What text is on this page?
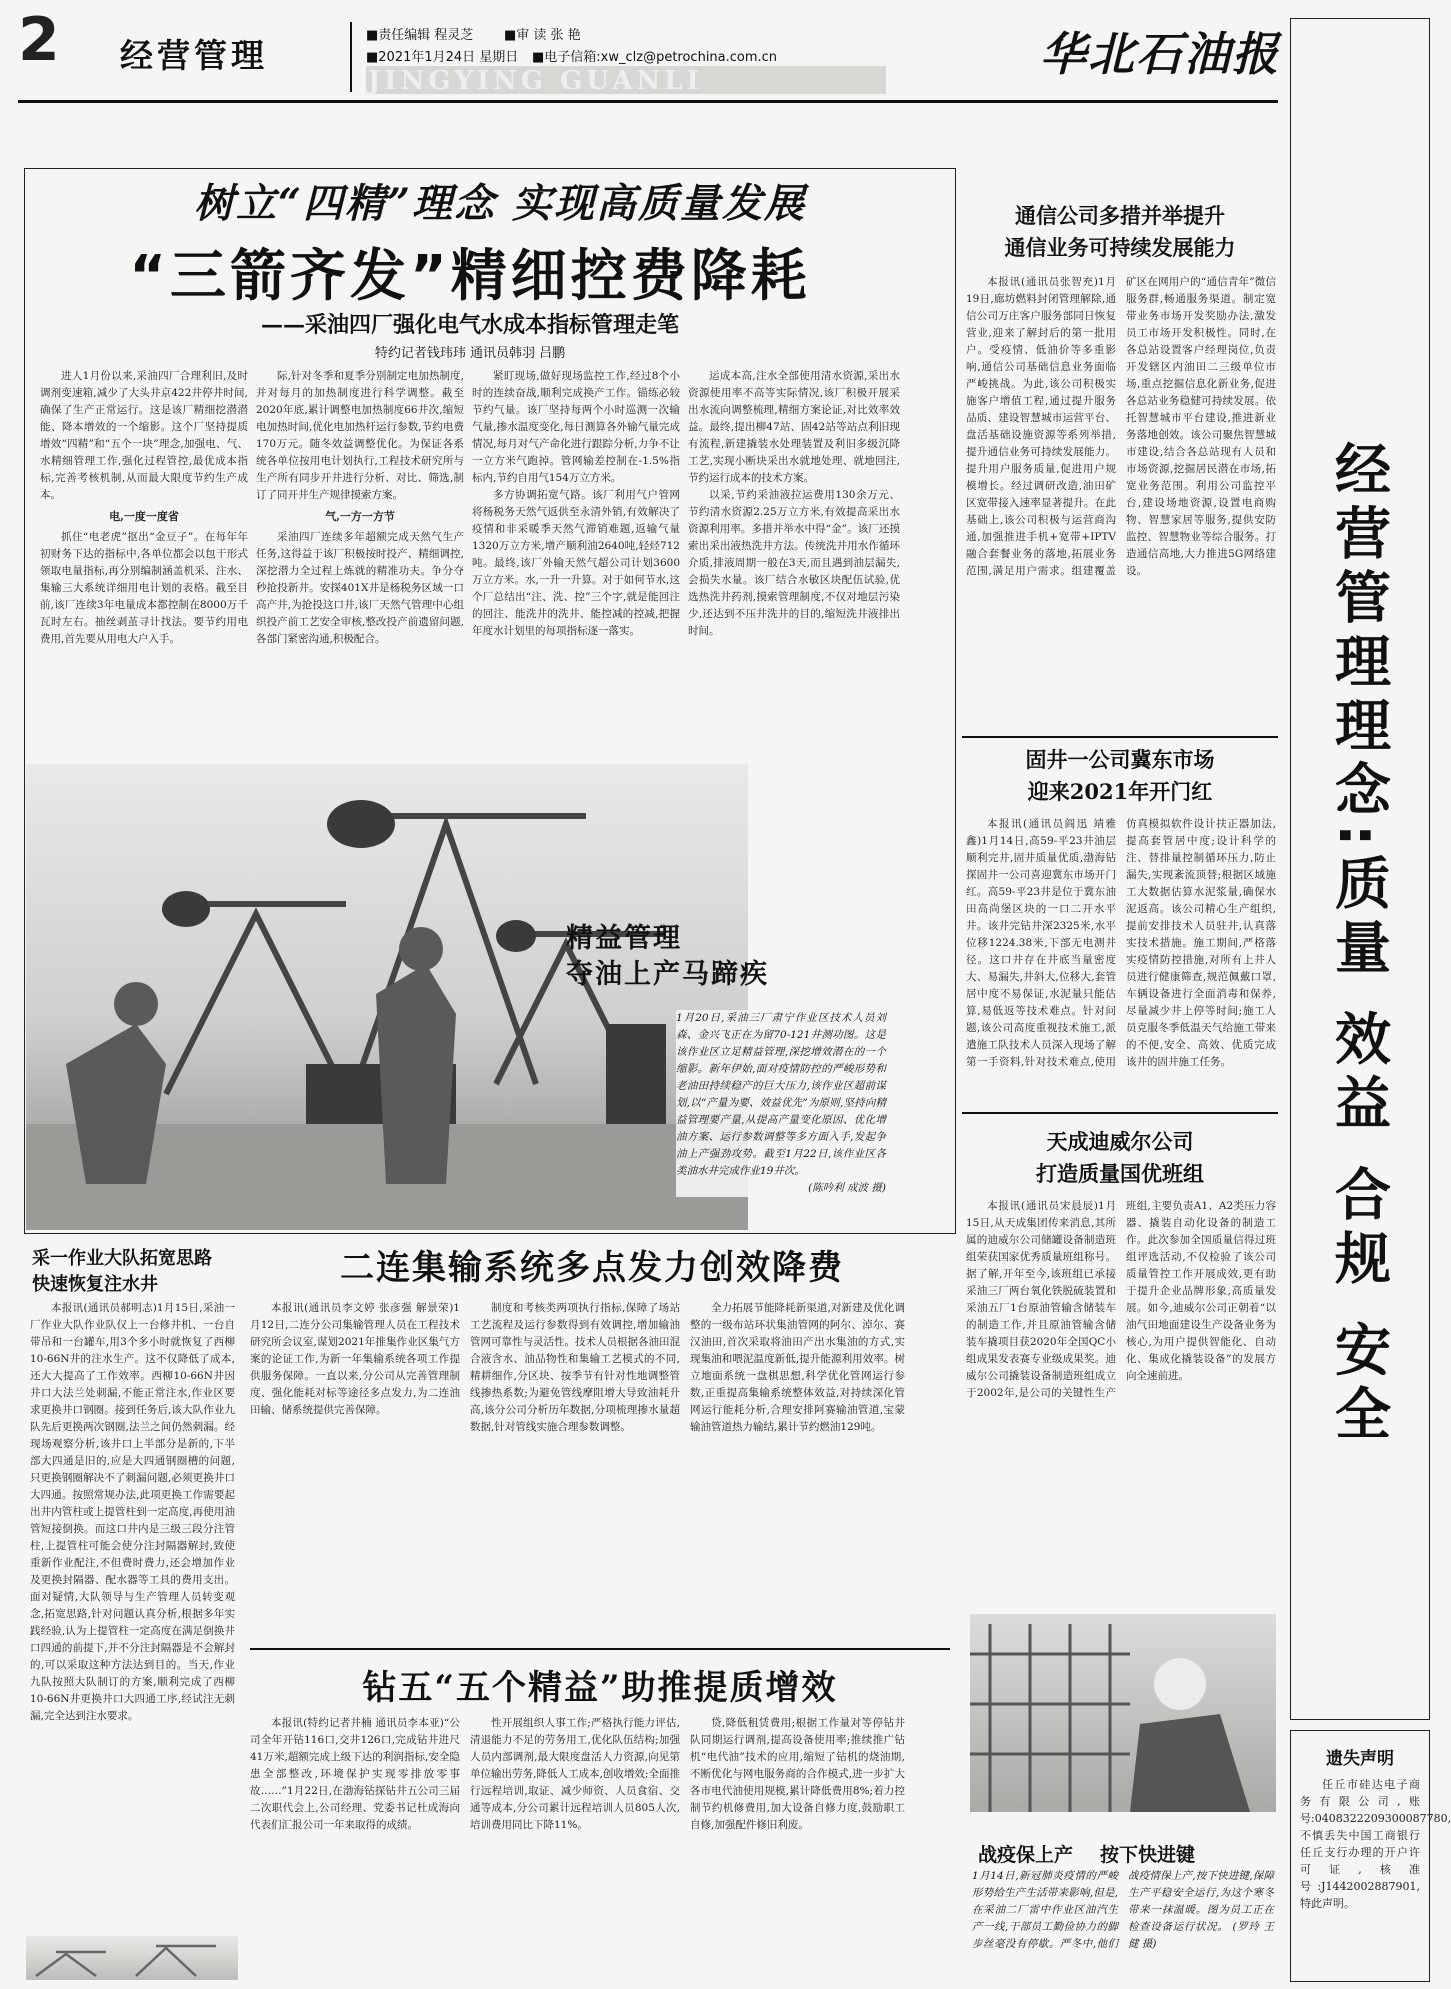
2 经营管理
■责任编辑 程灵芝 ■审 读 张 艳
■2021年1月24日 星期日 ■电子信箱:xw_clz@petrochina.com.cn
JINGYING GUANLI	华北石油报
树立“四精”理念 实现高质量发展
“三箭齐发”精细控费降耗
——采油四厂强化电气水成本指标管理走笔
特约记者钱玮玮 通讯员韩羽 吕鹏

进人1月份以来,采油四厂合理利旧,及时调剂变速箱,减少了大头井京422井停井时间,确保了生产正常运行。这是该厂精细挖潜潜能、降本增效的一个缩影。这个厂坚持提质增效“四精”和“五个一块”理念,加强电、气、水精细管理工作,强化过程管控,最优成本指标,完善考核机制,从而最大限度节约生产成本。

电,一度一度省

抓住“电老虎”抠出“金豆子”。在每年年初财务下达的指标中,各单位都会以包干形式领取电量指标,再分别编制涵盖机采、注水、集输三大系统详细用电计划的表格。截至目前,该厂连续3年电量成本都控制在8000万千瓦时左右。抽丝剥茧寻计找法。要节约用电费用,首先要从用电大户入手。

际,针对冬季和夏季分别制定电加热制度,并对每月的加热制度进行科学调整。截至2020年底,累计调整电加热制度66井次,缩短电加热时间,优化电加热杆运行参数,节约电费170万元。随冬效益调整优化。为保证各系统各单位按用电计划执行,工程技术研究所与生产所有同步开井进行分析、对比、筛选,制订了同开井生产规律摸索方案。

气,一方一方节

采油四厂连续多年超额完成天然气生产任务,这得益于该厂积极按时投产、精细调控,深挖潜力全过程上炼就的精准功夫。争分夺秒抢投新井。安探401X井是杨税务区域一口高产井,为抢投这口井,该厂天然气管理中心组织投产前工艺安全审核,整改投产前遗留问题,各部门紧密沟通,积极配合。

紧盯现场,做好现场监控工作,经过8个小时的连续奋战,顺利完成换产工作。锚练必较节约气量。该厂坚持每两个小时巡测一次输气量,掺水温度变化,每日测算各外输气量完成情况,每月对气产命化进行跟踪分析,力争不让一立方米气跑掉。管网输差控制在-1.5%指标内,节约自用气154万立方米。

多方协调拓宽气路。该厂利用气户管网将杨税务天然气返供至永清外销,有效解决了疫情和非采暖季天然气滞销难题,返输气量1320万立方米,增产顺利油2640吨,轻烃712吨。最终,该厂外输天然气超公司计划3600万立方米。水,一升一升算。对于如何节水,这个厂总结出“注、洗、控”三个字,就是能回注的回注、能洗井的洗井、能控减的控减,把握年度水计划里的每项指标逐一落实。

运成本高,注水全部使用清水资源,采出水资源使用率不高等实际情况,该厂积极开展采出水流向调整梳理,精细方案论证,对比效率效益。最终,提出柳47站、固42站等站点利旧现有流程,新建撬装水处理装置及利旧多级沉降工艺,实现小断块采出水就地处理、就地回注,节约运行成本的技术方案。

以采,节约采油液拉运费用130余万元、节约清水资源2.25万立方米,有效提高采出水资源利用率。多措并举水中得“金”。该厂还摸索出采出液热洗井方法。传统洗井用水作循环介质,排液周期一般在3天,而且遇到油层漏失,会损失水量。该厂结合水敏区块配伍试验,优选热洗井药剂,摸索管理制度,不仅对地层污染少,还达到不压井洗井的目的,缩短洗井液排出时间。

精益管理
夺油上产马蹄疾
1月20日,采油三厂肃宁作业区技术人员刘森、金兴飞正在为留70-121井测功图。这是该作业区立足精益管理,深挖增效潜在的一个缩影。新年伊始,面对疫情防控的严峻形势和老油田持续稳产的巨大压力,该作业区超前谋划,以“产量为要、效益优先”为原则,坚持向精益管理要产量,从提高产量变化原因、优化增油方案、运行参数调整等多方面入手,发起争油上产强劲攻势。截至1月22日,该作业区各类油水井完成作业19井次。
(陈吟利 成波 摄)
二连集输系统多点发力创效降费

本报讯(通讯员李文婷 张彦强 解景荣)1月12日,二连分公司集输管理人员在工程技术研究所会议室,谋划2021年推集作业区集气方案的论证工作,为新一年集输系统各项工作提供服务保障。一直以来,分公司从完善管理制度、强化能耗对标等途径多点发力,为二连油田输、储系统提供完善保障。

制度和考核类两项执行指标,保障了场站工艺流程及运行参数得到有效调控,增加输油管网可靠性与灵活性。技术人员根据各油田混合液含水、油品物性和集输工艺模式的不同,精耕细作,分区块、按季节有针对性地调整管线掺热系数;为避免管线摩阻增大导致油耗升高,该分公司分析历年数据,分项梳理掺水量超数据,针对管线实施合理参数调整。

全力拓展节能降耗新渠道,对新建及优化调整的一级布站环状集油管网的阿尔、淖尔、赛汉油田,首次采取将油田产出水集油的方式,实现集油和喂泥温度新低,提升能源利用效率。树立地面系统一盘棋思想,科学优化管网运行参数,正重提高集输系统整体效益,对持续深化管网运行能耗分析,合理安排阿赛输油管道,宝蒙输油管道热力输结,累计节约燃油129吨。

钻五“五个精益”助推提质增效

本报讯(特约记者井楠 通讯员李本亚)“公司全年开钻116口,交井126口,完成钻井进尺41万米,超额完成上级下达的利润指标,安全隐患全部整改,环境保护实现零排放零事故……”1月22日,在渤海钻探钻井五公司三届二次职代会上,公司经理、党委书记杜成海向代表们汇报公司一年来取得的成绩。

性开展组织人事工作;严格执行能力评估,清退能力不足的劳务用工,优化队伍结构;加强人员内部调剂,最大限度盘活人力资源,向见第单位输出劳务,降低人工成本,创收增效;全面推行远程培训,取证、减少师资、人员食宿、交通等成本,分公司累计远程培训人员805人次,培训费用同比下降11%。

贷,降低租赁费用;根据工作量对等停钻井队同期运行调剂,提高设备使用率;推续推广钻机“电代油”技术的应用,缩短了钻机的烧油期,不断优化与网电服务商的合作模式,进一步扩大各市电代油使用规模,累计降低费用8%;着力控制节约机修费用,加大设备自修力度,鼓励职工自修,加强配件修旧利废。

采一作业大队拓宽思路
快速恢复注水井

本报讯(通讯员郝明志)1月15日,采油一厂作业大队作业队仅上一台修井机、一台自带吊和一台罐车,用3个多小时就恢复了西柳10-66N井的注水生产。这不仅降低了成本,还大大提高了工作效率。西柳10-66N井因井口大法兰处刺漏,不能正常注水,作业区要求更换井口钢圈。接到任务后,该大队作业九队先后更换两次钢圈,法兰之间仍然刺漏。经现场观察分析,该井口上半部分是新的,下半部大四通是旧的,应是大四通钢圈槽的问题,只更换钢圈解决不了刺漏问题,必须更换井口大四通。按照常规办法,此项更换工作需要起出井内管柱或上提管柱到一定高度,再使用油管短接倒换。而这口井内是三级三段分注管柱,上提管柱可能会使分注封隔器解封,致使重新作业配注,不但费时费力,还会增加作业及更换封隔器、配水器等工具的费用支出。面对疑情,大队领导与生产管理人员转变观念,拓宽思路,针对问题认真分析,根据多年实践经验,认为上提管柱一定高度在满足倒换井口四通的前提下,并不分注封隔器是不会解封的,可以采取这种方法达到目的。当天,作业九队按照大队制订的方案,顺利完成了西柳10-66N井更换井口大四通工序,经试注无刺漏,完全达到注水要求。

通信公司多措并举提升
通信业务可持续发展能力

本报讯(通讯员张智充)1月19日,廊坊燃料封闭管理解除,通信公司万庄客户服务部同日恢复营业,迎来了解封后的第一批用户。受疫情、低油价等多重影响,通信公司基础信息业务面临严峻挑战。为此,该公司积极实施客户增值工程,通过提升服务品质、建设智慧城市运营平台、盘活基础设施资源等系列举措,提升通信业务可持续发展能力。提升用户服务质量,促进用户规模增长。经过调研改造,油田矿区宽带接入速率显著提升。在此基础上,该公司积极与运营商沟通,加强推进手机+宽带+IPTV融合套餐业务的落地,拓展业务范围,满足用户需求。组建覆盖矿区在网用户的“通信青年”微信服务群,畅通服务渠道。制定宽带业务市场开发奖励办法,激发员工市场开发积极性。同时,在各总站设置客户经理岗位,负责开发辖区内油田二三级单位市场,重点挖掘信息化新业务,促进各总站业务稳健可持续发展。依托智慧城市平台建设,推进新业务落地创效。该公司聚焦智慧城市建设,结合各总站现有人员和市场资源,挖掘居民潜在市场,拓宽业务范围。利用公司监控平台,建设场地资源,设置电商购物、智慧家居等服务,提供安防监控、智慧物业等综合服务。打造通信高地,大力推进5G网络建设。

固井一公司冀东市场
迎来2021年开门红

本报讯(通讯员阎迅 靖雅鑫)1月14日,高59-平23井油层顺利完井,固井质量优质,渤海钻探固井一公司喜迎冀东市场开门红。高59-平23井是位于冀东油田高尚堡区块的一口二开水平井。该井完钻井深2325米,水平位移1224.38米,下部无电测井径。这口井存在井底当量密度大、易漏失,井斜大,位移大,套管居中度不易保证,水泥量只能估算,易低返等技术难点。针对问题,该公司高度重视技术施工,派遣施工队技术人员深入现场了解第一手资料,针对技术难点,使用仿真模拟软件设计扶正器加法,提高套管居中度;设计科学的注、替排量控制循环压力,防止漏失,实现紊流顶替;根据区域施工大数据估算水泥浆量,确保水泥返高。该公司精心生产组织,提前安排技术人员驻井,认真落实技术措施。施工期间,严格落实疫情防控措施,对所有上井人员进行健康筛查,规范佩戴口罩,车辆设备进行全面消毒和保养,尽量减少井上停等时间;施工人员克服冬季低温天气给施工带来的不便,安全、高效、优质完成该井的固井施工任务。

天成迪威尔公司
打造质量国优班组

本报讯(通讯员宋晨辰)1月15日,从天成集团传来消息,其所属的迪威尔公司储罐设备制造班组荣获国家优秀质量班组称号。据了解,开年至今,该班组已承接采油三厂两台氧化铁脱硫装置和采油五厂1台原油管输含储装车的制造工作,并且原油管输含储装车撬项目获2020年全国QC小组成果发表赛专业级成果奖。迪威尔公司撬装设备制造班组成立于2002年,是公司的关键性生产班组,主要负责A1、A2类压力容器、撬装自动化设备的制造工作。此次参加全国质量信得过班组评选活动,不仅检验了该公司质量管控工作开展成效,更有助于提升企业品牌形象,高质量发展。如今,迪威尔公司正朝着“以油气田地面建设生产设备业务为核心,为用户提供智能化、自动化、集成化撬装设备”的发展方向全速前进。

战疫保上产 按下快进键
1月14日,新冠肺炎疫情的严峻形势给生产生活带来影响,但是,在采油二厂雷中作业区油汽生产一线,干部员工勤俭协力的脚步丝毫没有停歇。严冬中,他们战疫情保上产,按下快进键,保障生产平稳安全运行,为这个寒冬带来一抹温暖。图为员工正在检查设备运行状况。 (罗玲 王健 摄)
经营管理理念:质量 效益 合规 安全
遗失声明

任丘市硅达电子商务有限公司,账号:0408322209300087780,不慎丢失中国工商银行任丘支行办理的开户许可证,核准号:J1442002887901,特此声明。
